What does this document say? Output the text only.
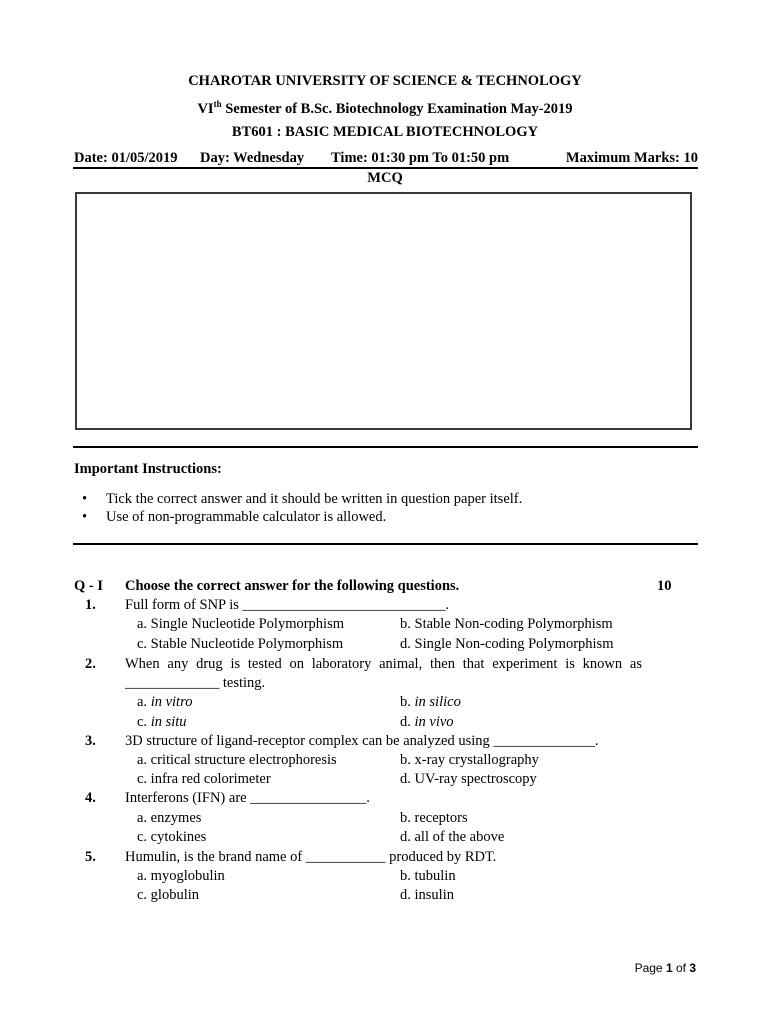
CHAROTAR UNIVERSITY OF SCIENCE & TECHNOLOGY
VIth Semester of B.Sc. Biotechnology Examination May-2019
BT601 : BASIC MEDICAL BIOTECHNOLOGY
Date: 01/05/2019 Day: Wednesday Time: 01:30 pm To 01:50 pm	Maximum Marks: 10
MCQ
Important Instructions:
• Tick the correct answer and it should be written in question paper itself.
• Use of non-programmable calculator is allowed.
Q - I Choose the correct answer for the following questions.	10
1. Full form of SNP is ____________________________.
a. Single Nucleotide Polymorphism	b. Stable Non-coding Polymorphism
c. Stable Nucleotide Polymorphism	d. Single Non-coding Polymorphism
2. When any drug is tested on laboratory animal, then that experiment is known as
_____________ testing.
a. in vitro	b. in silico
c. in situ	d. in vivo
3. 3D structure of ligand-receptor complex can be analyzed using ______________.
a. critical structure electrophoresis	b. x-ray crystallography
c. infra red colorimeter	d. UV-ray spectroscopy
4. Interferons (IFN) are ________________.
a. enzymes	b. receptors
c. cytokines	d. all of the above
5. Humulin, is the brand name of ___________ produced by RDT.
a. myoglobulin	b. tubulin
c. globulin	d. insulin
Page 1 of 3
